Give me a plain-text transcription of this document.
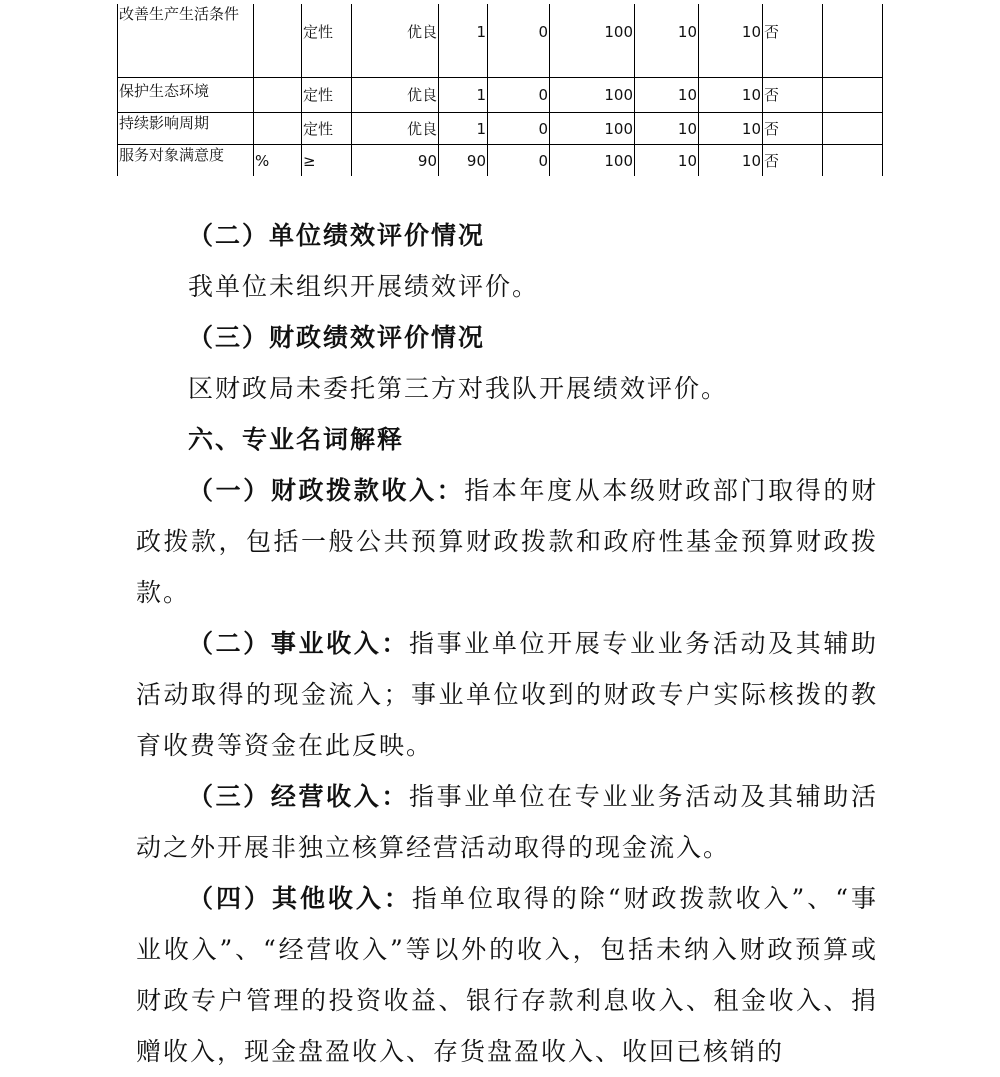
改善生产生活条件		定性	优良	1	0	100	10	10	否	
保护生态环境		定性	优良	1	0	100	10	10	否	
持续影响周期		定性	优良	1	0	100	10	10	否	
服务对象满意度	%	≥	90	90	0	100	10	10	否	

（二）单位绩效评价情况

我单位未组织开展绩效评价。

（三）财政绩效评价情况

区财政局未委托第三方对我队开展绩效评价。

六、专业名词解释

（一）财政拨款收入：指本年度从本级财政部门取得的财政拨款，包括一般公共预算财政拨款和政府性基金预算财政拨款。

（二）事业收入：指事业单位开展专业业务活动及其辅助活动取得的现金流入；事业单位收到的财政专户实际核拨的教育收费等资金在此反映。

（三）经营收入：指事业单位在专业业务活动及其辅助活动之外开展非独立核算经营活动取得的现金流入。

（四）其他收入：指单位取得的除“财政拨款收入”、“事业收入”、“经营收入”等以外的收入，包括未纳入财政预算或财政专户管理的投资收益、银行存款利息收入、租金收入、捐赠收入，现金盘盈收入、存货盘盈收入、收回已核销的
